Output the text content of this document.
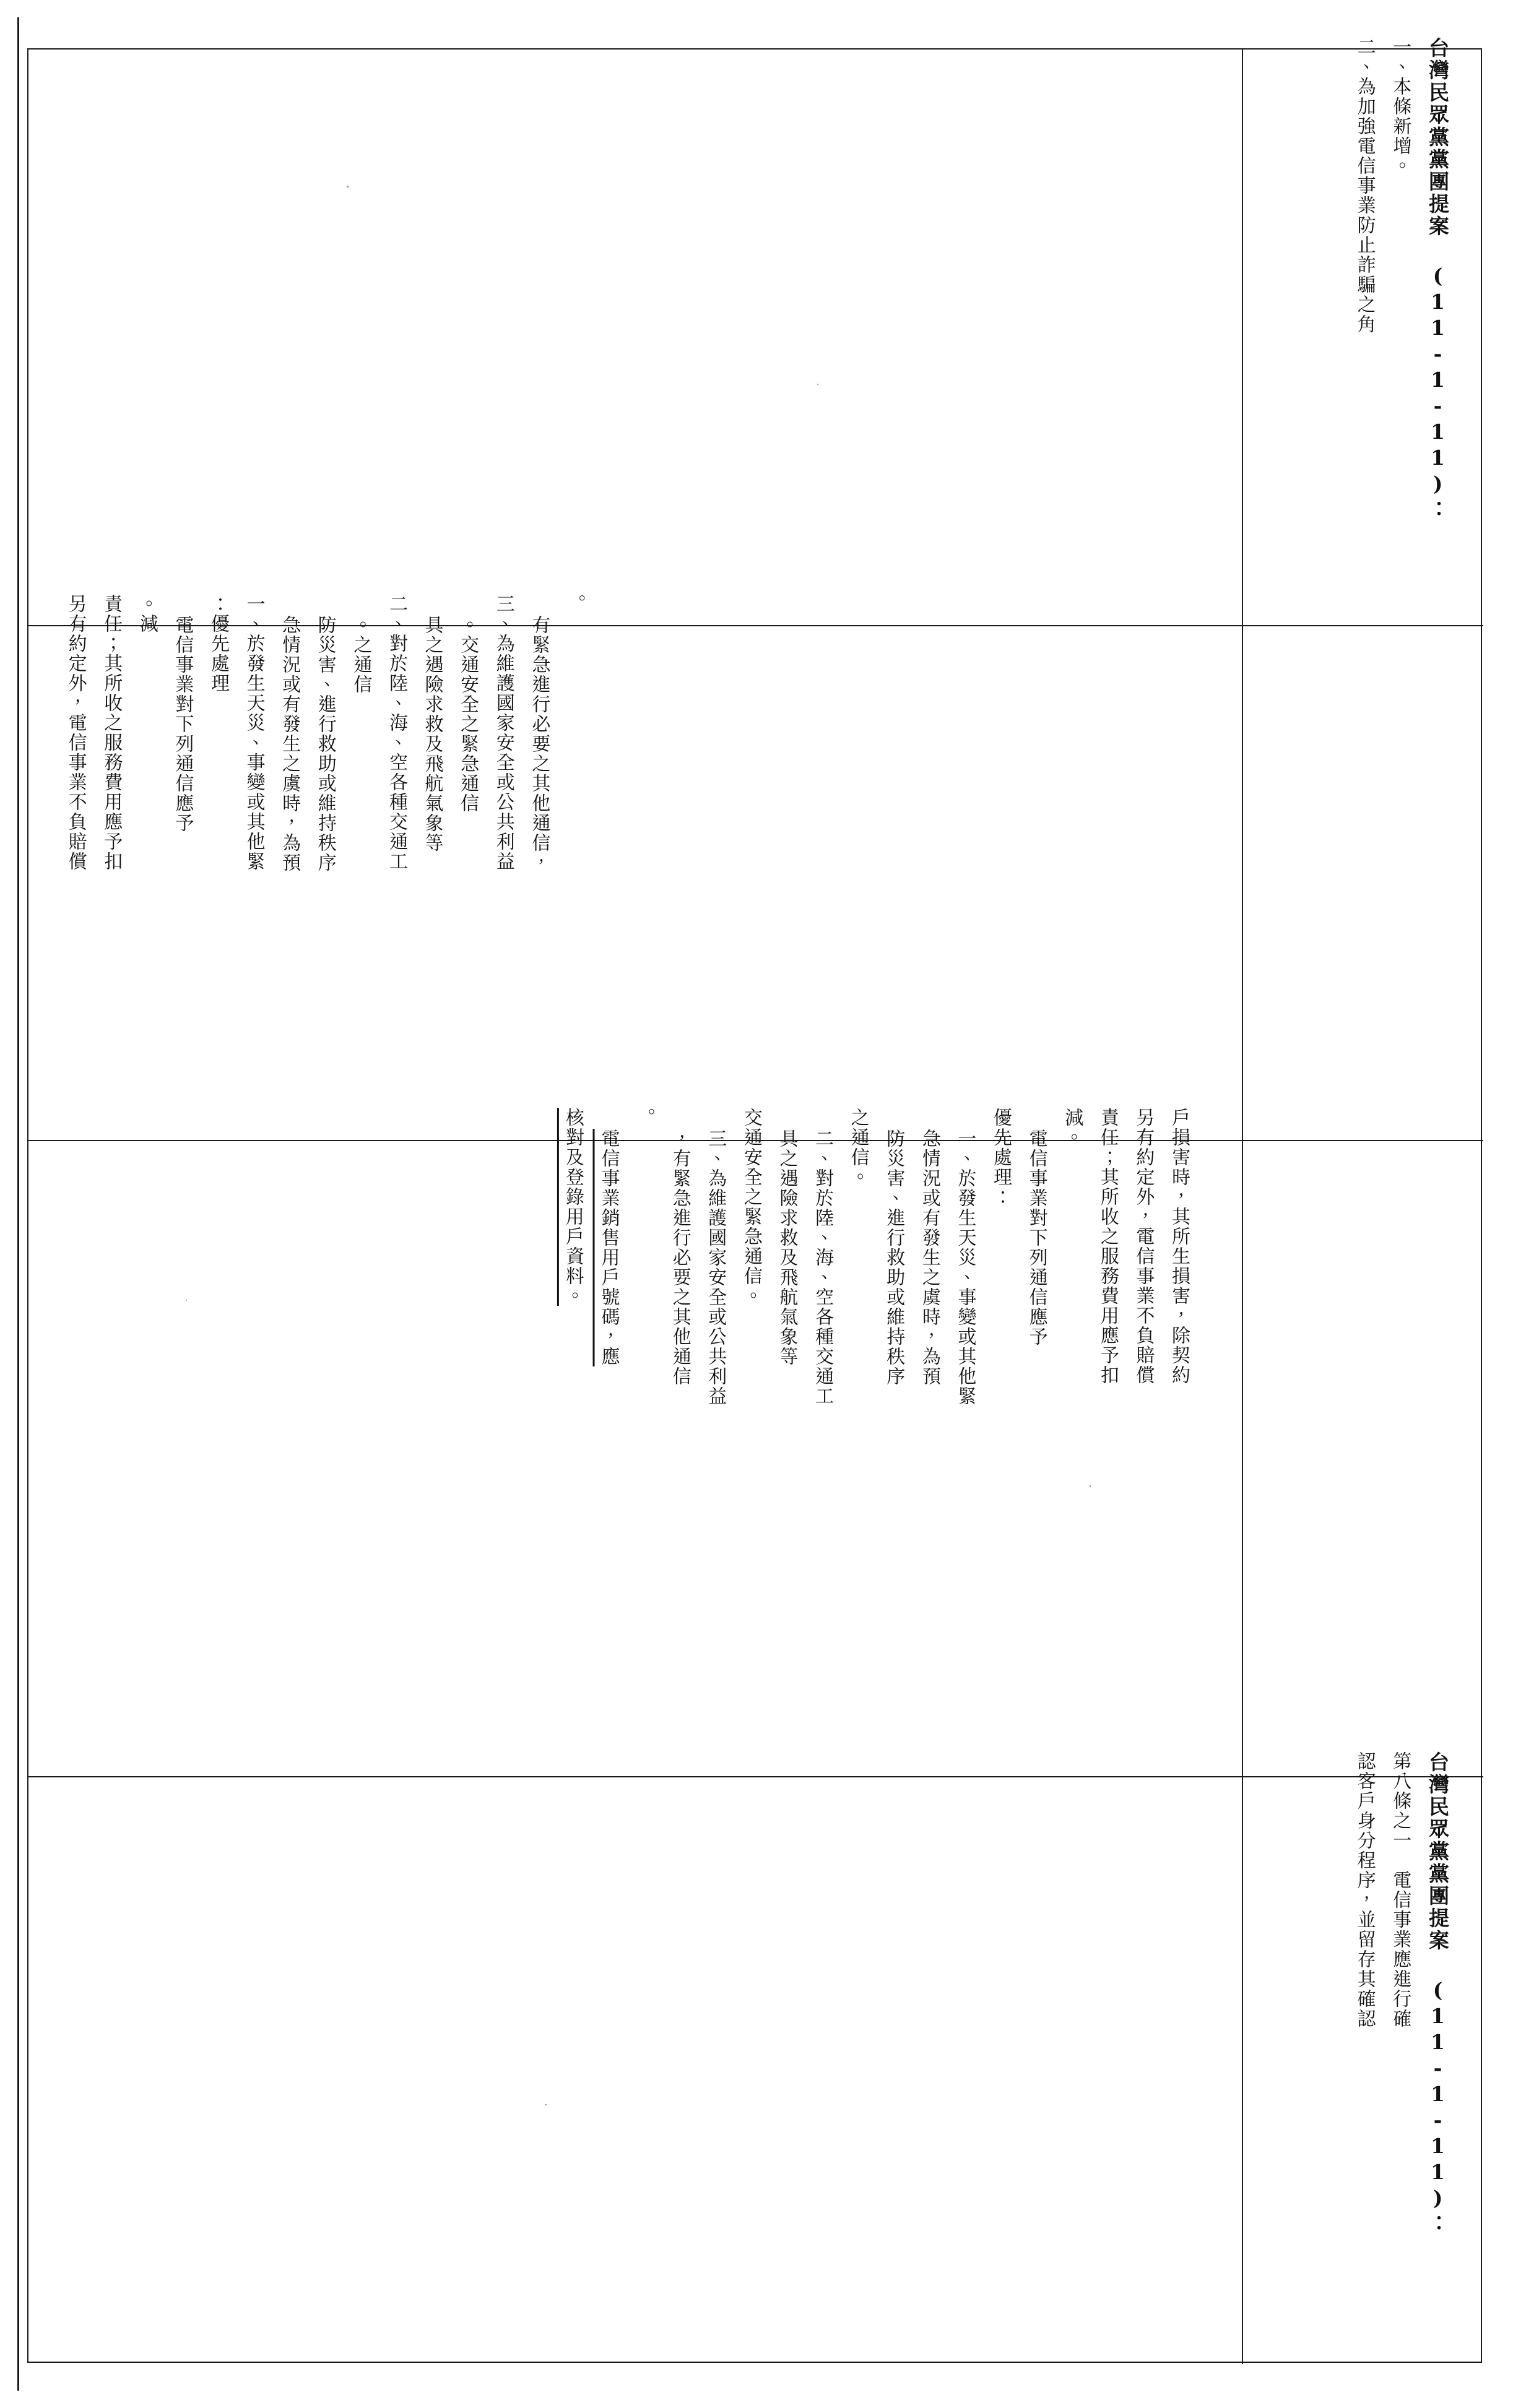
台灣民眾黨黨團提案 (11-1-11)：
一、本條新增。
二、為加強電信事業防止詐騙之角
另有約定外，電信事業不負賠償 責任；其所收之服務費用應予扣 減。 電信事業對下列通信應予
優先處理： 一、於發生天災、事變或其他緊 急情況或有發生之虞時，為預 防災害、進行救助或維持秩序 之通信。 二、對於陸、海、空各種交通工 具之遇險求救及飛航氣象等 交通安全之緊急通信。 三、為維護國家安全或公共利益 ，有緊急進行必要之其他通信
。
戶損害時，其所生損害，除契約
另有約定外，電信事業不負賠償
責任；其所收之服務費用應予扣
減。
電信事業對下列通信應予
優先處理：
一、於發生天災、事變或其他緊
急情況或有發生之虞時，為預
防災害、進行救助或維持秩序
之通信。
二、對於陸、海、空各種交通工
具之遇險求救及飛航氣象等
交通安全之緊急通信。
三、為維護國家安全或公共利益
，有緊急進行必要之其他通信
。
電信事業銷售用戶號碼，應
核對及登錄用戶資料。
台灣民眾黨黨團提案 (11-1-11)：
第八條之一　電信事業應進行確
認客戶身分程序，並留存其確認
